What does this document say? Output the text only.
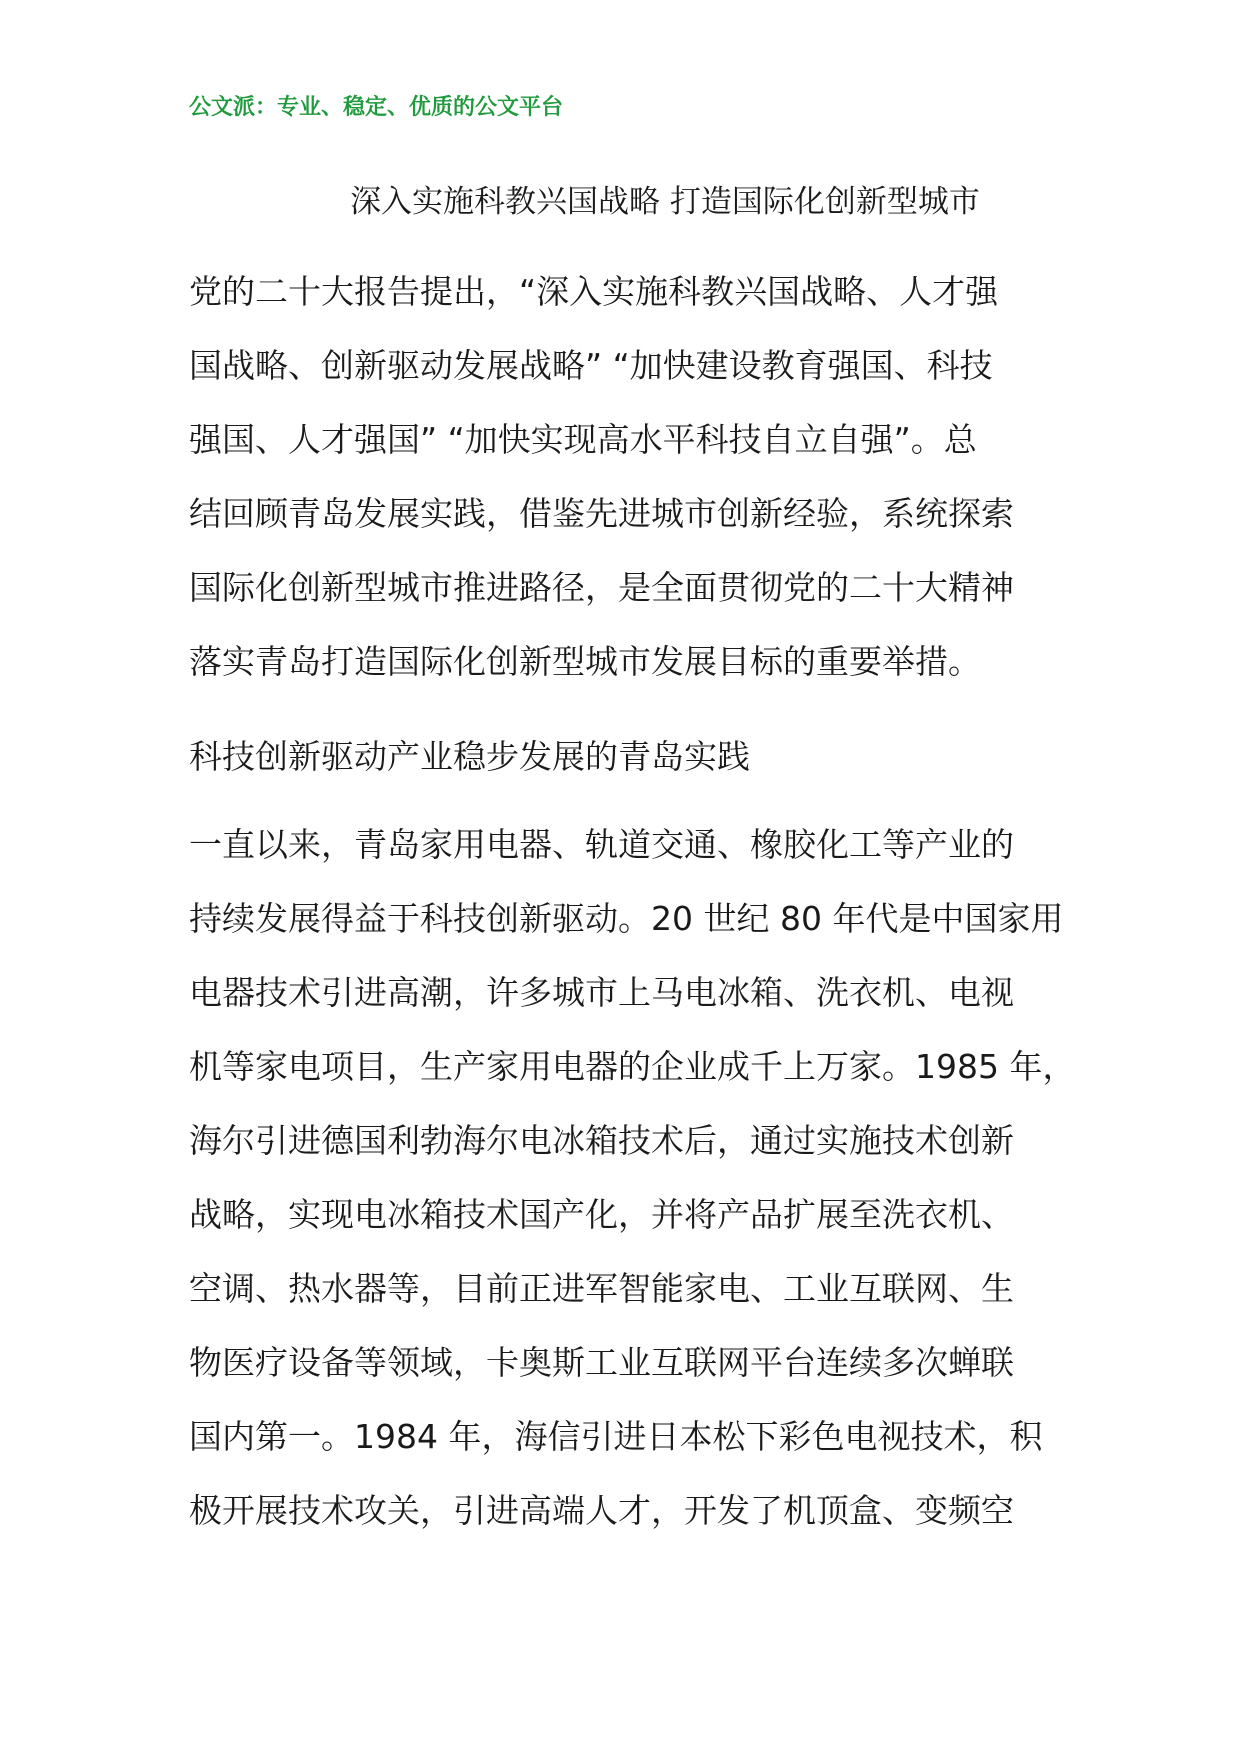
公文派：专业、稳定、优质的公文平台
深入实施科教兴国战略 打造国际化创新型城市
党的二十大报告提出，“深入实施科教兴国战略、人才强
国战略、创新驱动发展战略” “加快建设教育强国、科技
强国、人才强国” “加快实现高水平科技自立自强”。总
结回顾青岛发展实践，借鉴先进城市创新经验，系统探索
国际化创新型城市推进路径，是全面贯彻党的二十大精神
落实青岛打造国际化创新型城市发展目标的重要举措。
科技创新驱动产业稳步发展的青岛实践
一直以来，青岛家用电器、轨道交通、橡胶化工等产业的
持续发展得益于科技创新驱动。20 世纪 80 年代是中国家用
电器技术引进高潮，许多城市上马电冰箱、洗衣机、电视
机等家电项目，生产家用电器的企业成千上万家。1985 年，
海尔引进德国利勃海尔电冰箱技术后，通过实施技术创新
战略，实现电冰箱技术国产化，并将产品扩展至洗衣机、
空调、热水器等，目前正进军智能家电、工业互联网、生
物医疗设备等领域，卡奥斯工业互联网平台连续多次蝉联
国内第一。1984 年，海信引进日本松下彩色电视技术，积
极开展技术攻关，引进高端人才，开发了机顶盒、变频空
